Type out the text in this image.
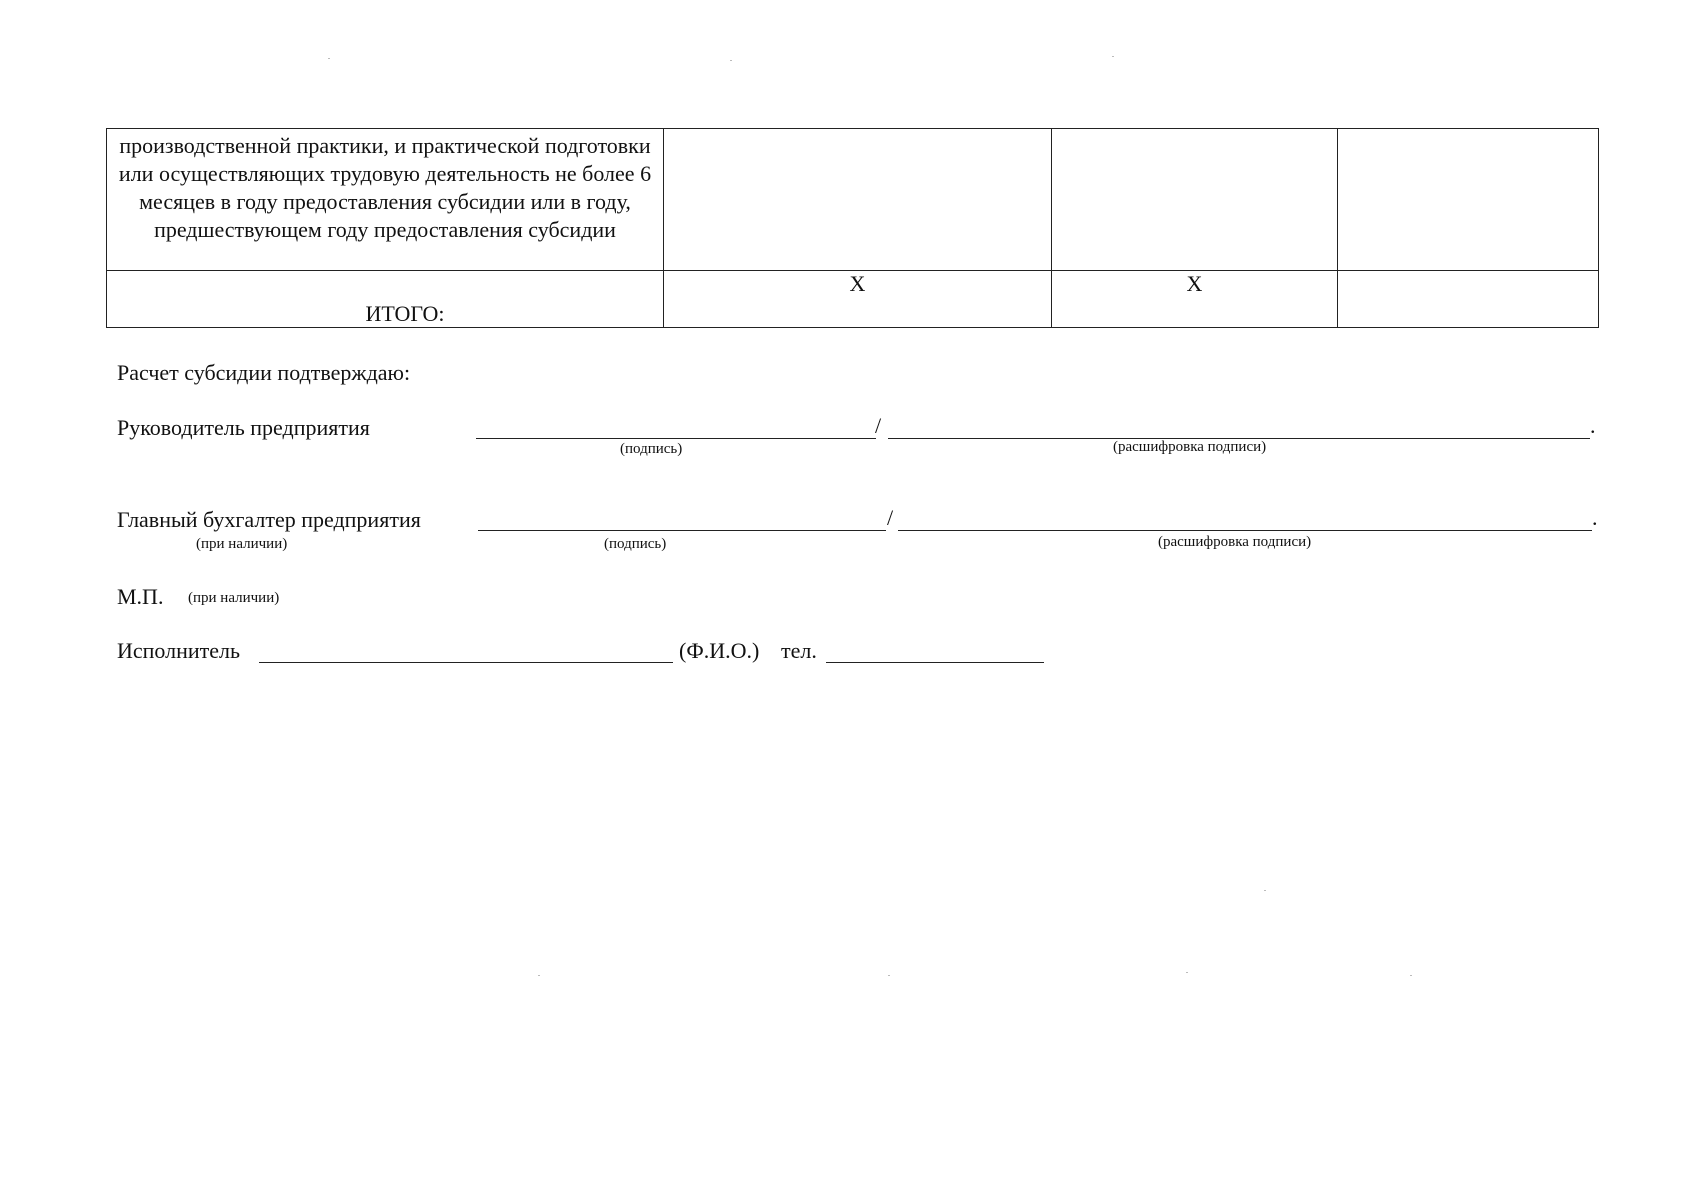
производственной практики, и практической подготовки или осуществляющих трудовую деятельность не более 6 месяцев в году предоставления субсидии или в году, предшествующем году предоставления субсидии			

ИТОГО:	Х	Х	

Расчет субсидии подтверждаю:
Руководитель предприятия	/	.
(подпись)	(расшифровка подписи)
Главный бухгалтер предприятия	/	.
(при наличии)	(подпись)	(расшифровка подписи)
М.П. (при наличии)
Исполнитель	(Ф.И.О.) тел.
